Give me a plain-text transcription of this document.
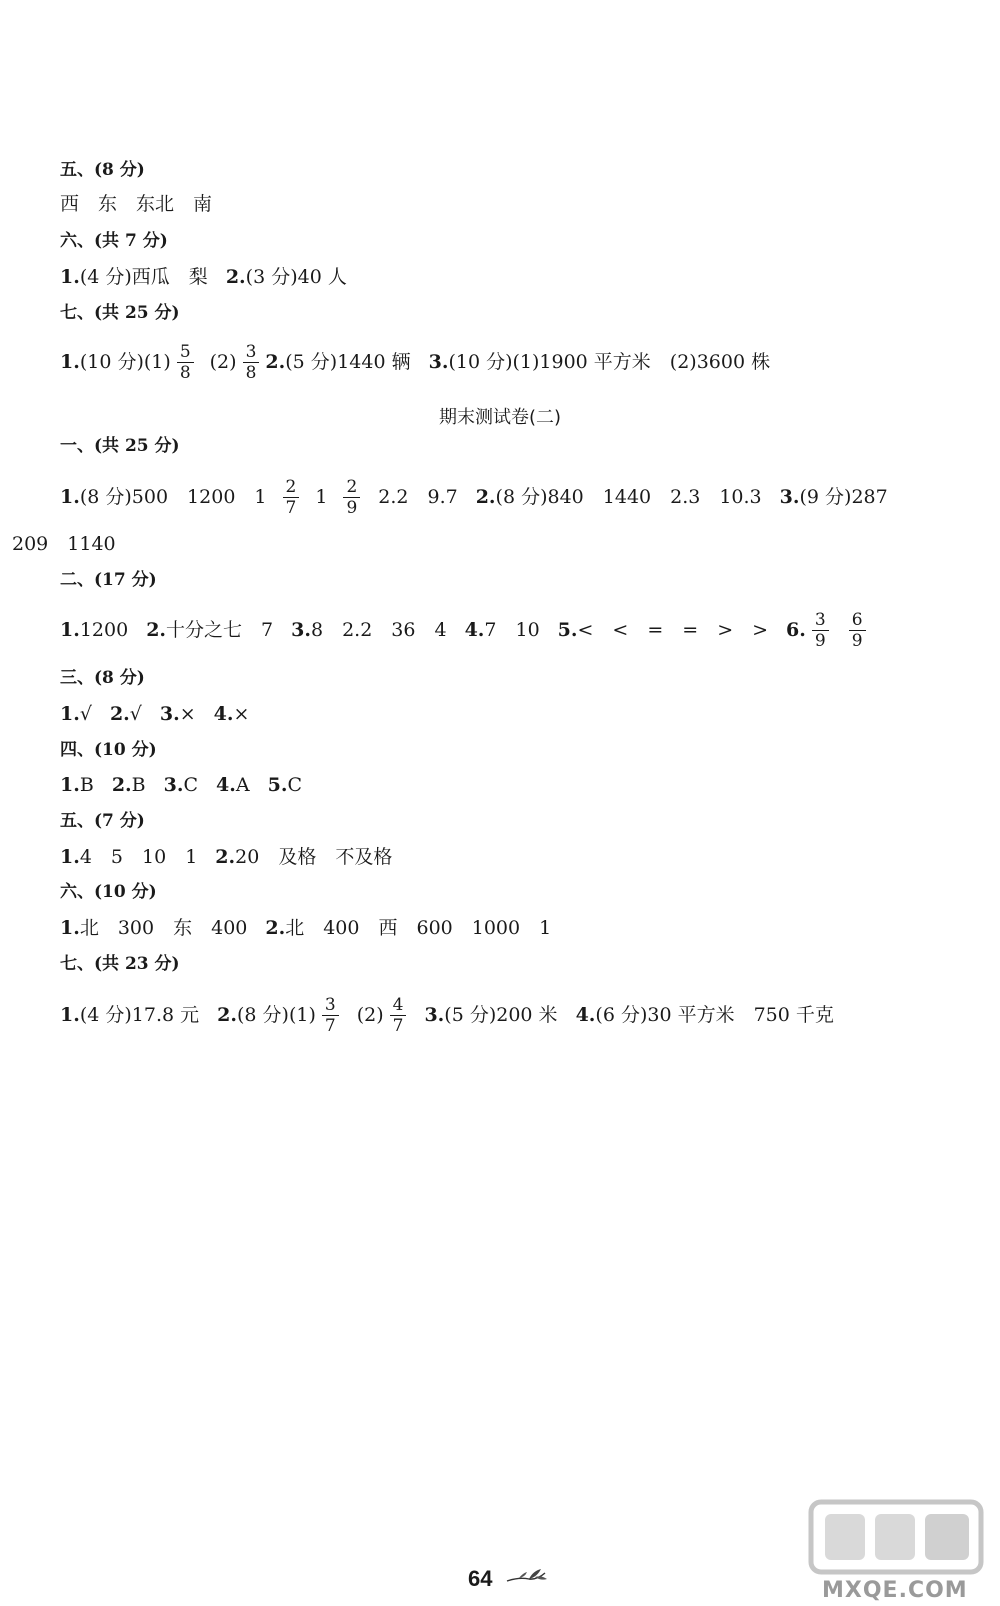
五、(8 分)
西　东　东北　南
六、(共 7 分)
1. (4 分)西瓜　梨 2. (3 分)40 人
七、(共 25 分)
1. (10 分)$(1) \frac{5}{8} (2) \frac{3}{8} 2$. (5 分)1440 辆 3. (10 分)(1)1900 平方米　(2)3600 株
期末测试卷(二)
一、(共 25 分)
1. (8 分)500　1200　$1 \frac{2}{7} 1 \frac{2}{9} 2.2$　9.7 2. (8 分)840　1440　2.3　10.3 3. (9 分)287
209　1140
二、(17 分)
1. 1200 2. 十分之七　7 3. 8　2.2　36　4 4. 7　10 5. <　<　=　=　>　> 6. $\frac{3}{9} \frac{6}{9}$
三、(8 分)
1. √ 2. √ 3. × 4. ×
四、(10 分)
1. B 2. B 3. C 4. A 5. C
五、(7 分)
1. 4　5　10　1 2. 20　及格　不及格
六、(10 分)
1. 北　300　东　400 2. 北　400　西　600　1000　1
七、(共 23 分)
1. (4 分)17.8 元 2. (8 分)$(1) \frac{3}{7} (2) \frac{4}{7} 3$. (5 分)200 米 4. (6 分)30 平方米　750 千克
64	MXQE.COM
